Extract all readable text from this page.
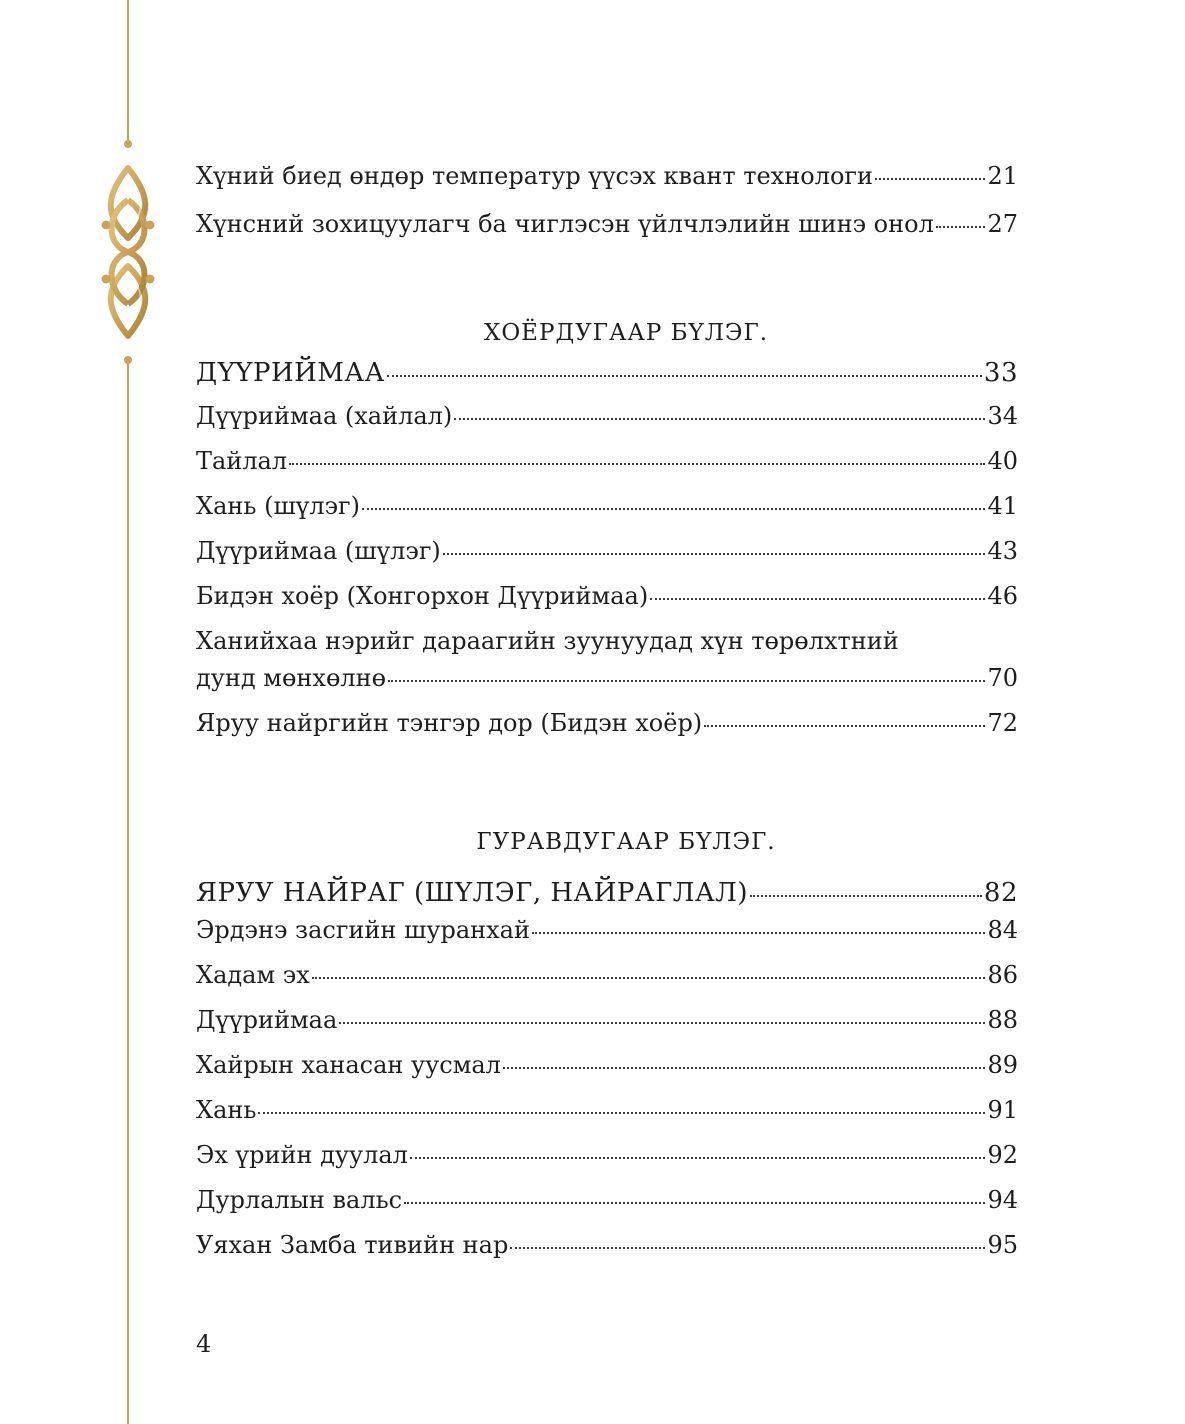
Хүний биед өндөр температур үүсэх квант технологи	21
Хүнсний зохицуулагч ба чиглэсэн үйлчлэлийн шинэ онол 27
ХОЁРДУГААР БҮЛЭГ.
ДҮҮРИЙМАА	33
Дүүриймаа (хайлал)	34
Тайлал	40
Хань (шүлэг)	41
Дүүриймаа (шүлэг)	43
Бидэн хоёр (Хонгорхон Дүүриймаа)	46
Ханийхаа нэрийг дараагийн зуунуудад хүн төрөлхтний
дунд мөнхөлнө	70
Яруу найргийн тэнгэр дор (Бидэн хоёр)	72
ГУРАВДУГААР БҮЛЭГ.
ЯРУУ НАЙРАГ (ШҮЛЭГ, НАЙРАГЛАЛ)	82
Эрдэнэ засгийн шуранхай	84
Хадам эх	86
Дүүриймаа	88
Хайрын ханасан уусмал	89
Хань	91
Эх үрийн дуулал	92
Дурлалын вальс	94
Уяхан Замба тивийн нар	95
4
